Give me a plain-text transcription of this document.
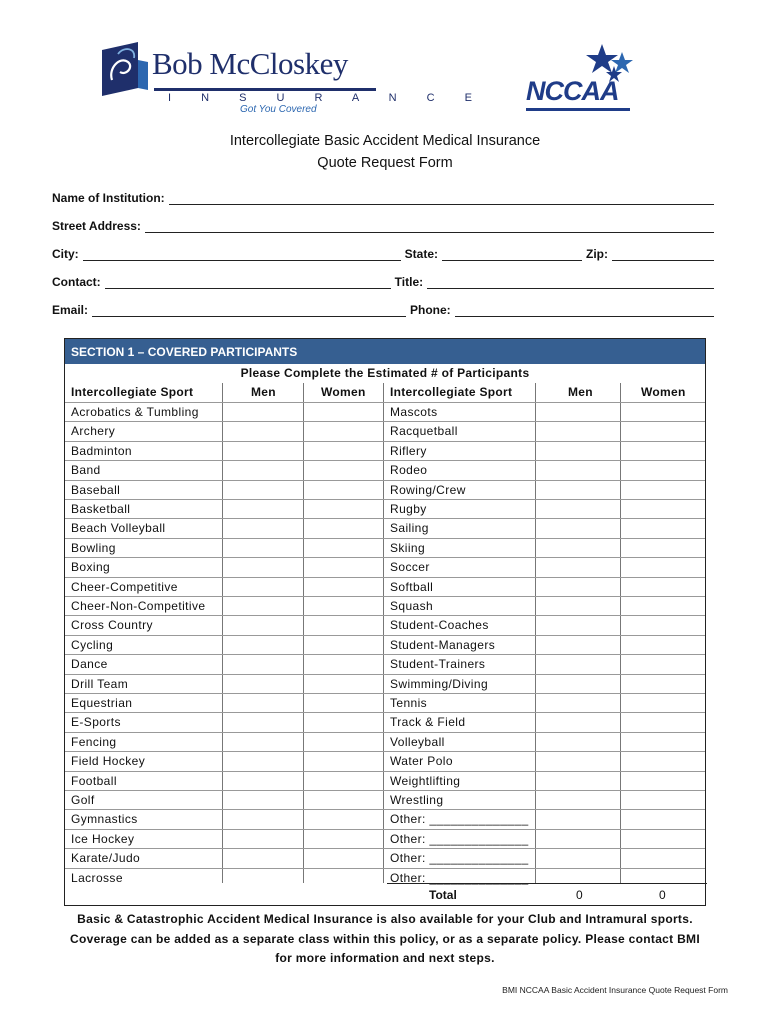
Bob McCloskey
I N S U R A N C E
Got You Covered
NCCAA
Intercollegiate Basic Accident Medical Insurance
Quote Request Form
Name of Institution:
Street Address:
City:	State:	Zip:
Contact:	Title:
Email:	Phone:
SECTION 1 – COVERED PARTICIPANTS
Please Complete the Estimated # of Participants
Intercollegiate Sport	Men	Women Intercollegiate Sport	Men	Women
Acrobatics & Tumbling	Mascots
Archery	Racquetball
Badminton	Riflery
Band	Rodeo
Baseball	Rowing/Crew
Basketball	Rugby
Beach Volleyball	Sailing
Bowling	Skiing
Boxing	Soccer
Cheer-Competitive	Softball
Cheer-Non-Competitive	Squash
Cross Country	Student-Coaches
Cycling	Student-Managers
Dance	Student-Trainers
Drill Team	Swimming/Diving
Equestrian	Tennis
E-Sports	Track & Field
Fencing	Volleyball
Field Hockey	Water Polo
Football	Weightlifting
Golf	Wrestling
Gymnastics	Other: ______________
Ice Hockey	Other: ______________
Karate/Judo	Other: ______________
Lacrosse	Other: ______________
Total	0	0
Basic & Catastrophic Accident Medical Insurance is also available for your Club and Intramural sports.
Coverage can be added as a separate class within this policy, or as a separate policy. Please contact BMI
for more information and next steps.
BMI NCCAA Basic Accident Insurance Quote Request Form
